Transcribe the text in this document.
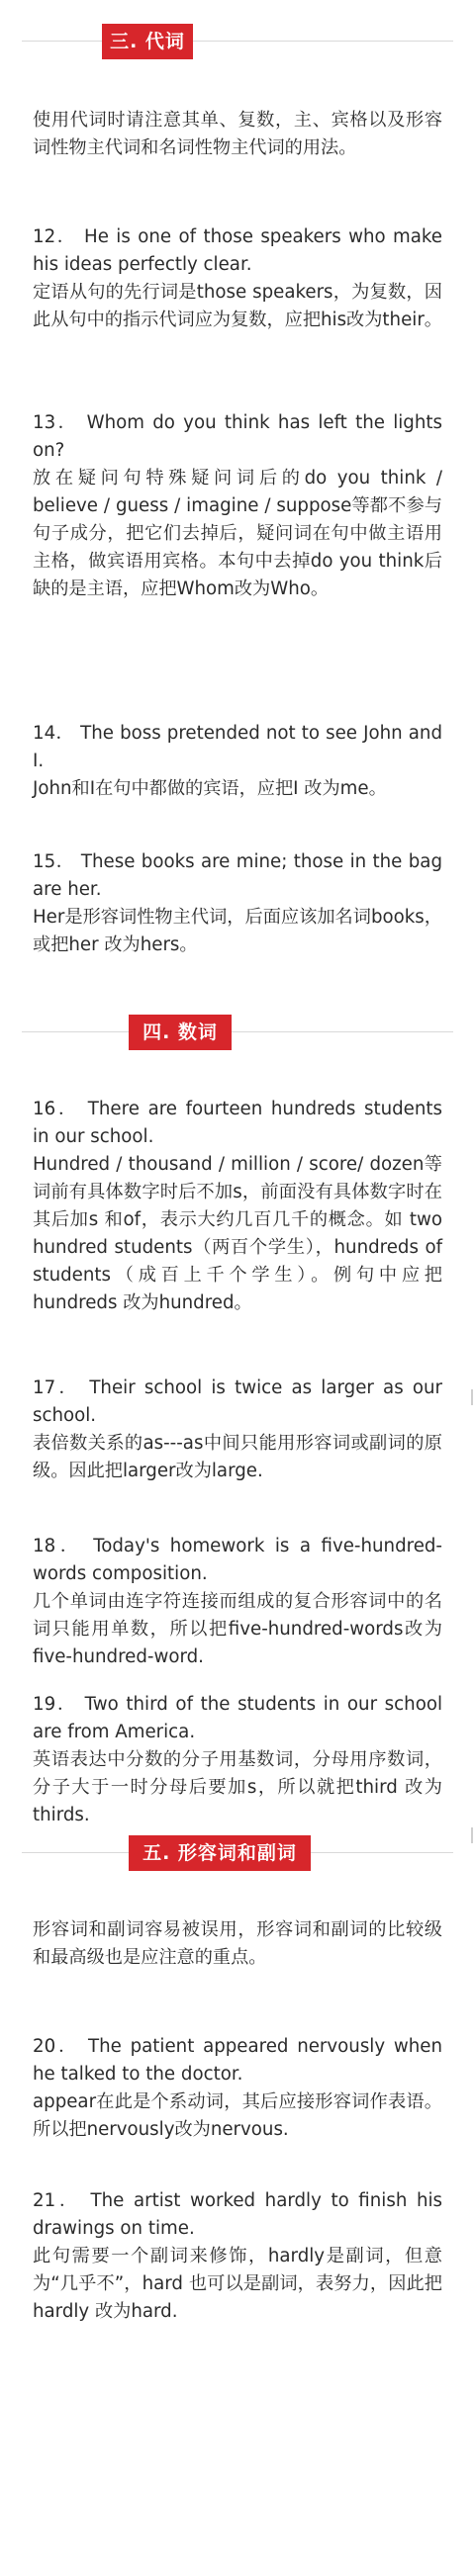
三. 代词

使用代词时请注意其单、复数，主、宾格以及形容词性物主代词和名词性物主代词的用法。

12． He is one of those speakers who make his ideas perfectly clear.

定语从句的先行词是those speakers，为复数，因此从句中的指示代词应为复数，应把his改为their。

13． Whom do you think has left the lights on?

放在疑问句特殊疑问词后的do you think / believe / guess / imagine / suppose等都不参与句子成分，把它们去掉后，疑问词在句中做主语用主格，做宾语用宾格。本句中去掉do you think后缺的是主语，应把Whom改为Who。

14． The boss pretended not to see John and I.

John和I在句中都做的宾语，应把I 改为me。

15． These books are mine; those in the bag are her.

Her是形容词性物主代词，后面应该加名词books，或把her 改为hers。

四. 数词

16． There are fourteen hundreds students in our school.

Hundred / thousand / million / score/ dozen等词前有具体数字时后不加s，前面没有具体数字时在其后加s 和of，表示大约几百几千的概念。如 two hundred students（两百个学生），hundreds of students（成百上千个学生）。例句中应把hundreds 改为hundred。

17． Their school is twice as larger as our school.

表倍数关系的as---as中间只能用形容词或副词的原级。因此把larger改为large.

18． Today's homework is a five-hundred-words composition.

几个单词由连字符连接而组成的复合形容词中的名词只能用单数，所以把five-hundred-words改为five-hundred-word.

19． Two third of the students in our school are from America.

英语表达中分数的分子用基数词，分母用序数词，分子大于一时分母后要加s，所以就把third 改为thirds.

五. 形容词和副词

形容词和副词容易被误用，形容词和副词的比较级和最高级也是应注意的重点。

20． The patient appeared nervously when he talked to the doctor.

appear在此是个系动词，其后应接形容词作表语。所以把nervously改为nervous.

21． The artist worked hardly to finish his drawings on time.

此句需要一个副词来修饰，hardly是副词，但意为“几乎不”，hard 也可以是副词，表努力，因此把 hardly 改为hard.
